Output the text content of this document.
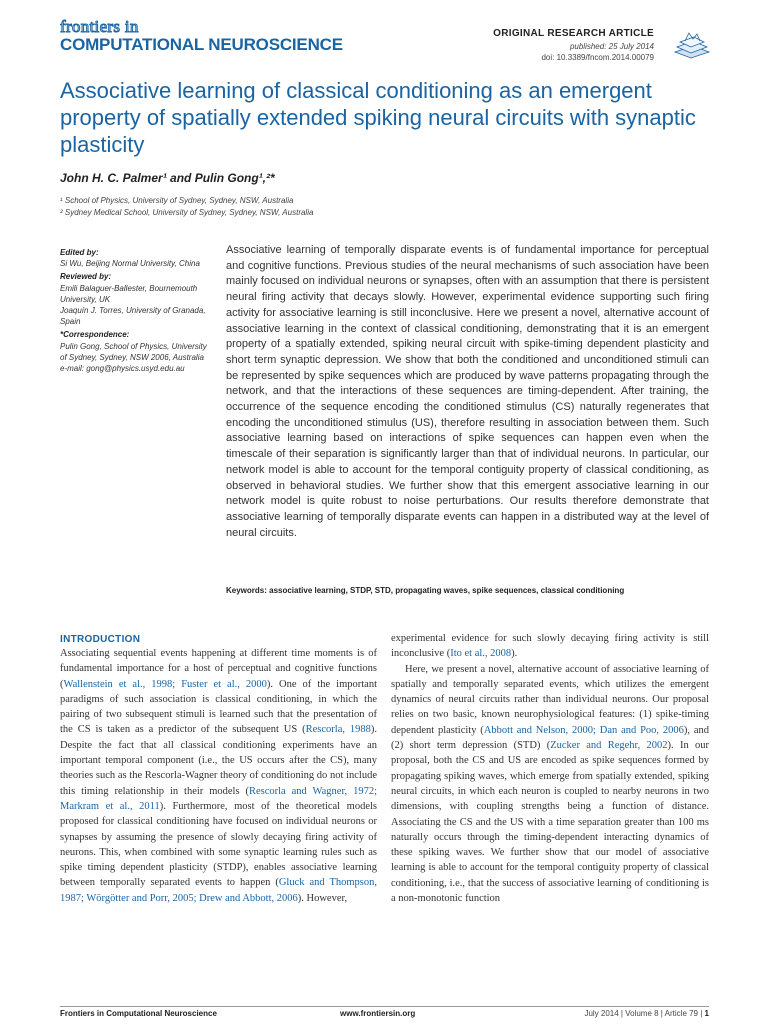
frontiers in
COMPUTATIONAL NEUROSCIENCE
ORIGINAL RESEARCH ARTICLE
published: 25 July 2014
doi: 10.3389/fncom.2014.00079
Associative learning of classical conditioning as an emergent property of spatially extended spiking neural circuits with synaptic plasticity
John H. C. Palmer¹ and Pulin Gong¹,²*
¹ School of Physics, University of Sydney, Sydney, NSW, Australia
² Sydney Medical School, University of Sydney, Sydney, NSW, Australia
Edited by:
Si Wu, Beijing Normal University, China
Reviewed by:
Emili Balaguer-Ballester, Bournemouth University, UK
Joaquín J. Torres, University of Granada, Spain
*Correspondence:
Pulin Gong, School of Physics, University of Sydney, Sydney, NSW 2006, Australia
e-mail: gong@physics.usyd.edu.au
Associative learning of temporally disparate events is of fundamental importance for perceptual and cognitive functions. Previous studies of the neural mechanisms of such association have been mainly focused on individual neurons or synapses, often with an assumption that there is persistent neural firing activity that decays slowly. However, experimental evidence supporting such firing activity for associative learning is still inconclusive. Here we present a novel, alternative account of associative learning in the context of classical conditioning, demonstrating that it is an emergent property of a spatially extended, spiking neural circuit with spike-timing dependent plasticity and short term synaptic depression. We show that both the conditioned and unconditioned stimuli can be represented by spike sequences which are produced by wave patterns propagating through the network, and that the interactions of these sequences are timing-dependent. After training, the occurrence of the sequence encoding the conditioned stimulus (CS) naturally regenerates that encoding the unconditioned stimulus (US), therefore resulting in association between them. Such associative learning based on interactions of spike sequences can happen even when the timescale of their separation is significantly larger than that of individual neurons. In particular, our network model is able to account for the temporal contiguity property of classical conditioning, as observed in behavioral studies. We further show that this emergent associative learning in our network model is quite robust to noise perturbations. Our results therefore demonstrate that associative learning of temporally disparate events can happen in a distributed way at the level of neural circuits.
Keywords: associative learning, STDP, STD, propagating waves, spike sequences, classical conditioning
INTRODUCTION

Associating sequential events happening at different time moments is of fundamental importance for a host of perceptual and cognitive functions (Wallenstein et al., 1998; Fuster et al., 2000). One of the important paradigms of such association is classical conditioning, in which the pairing of two subsequent stimuli is learned such that the presentation of the CS is taken as a predictor of the subsequent US (Rescorla, 1988). Despite the fact that all classical conditioning experiments have an important temporal component (i.e., the US occurs after the CS), many theories such as the Rescorla-Wagner theory of conditioning do not include this timing relationship in their models (Rescorla and Wagner, 1972; Markram et al., 2011). Furthermore, most of the theoretical models proposed for classical conditioning have focused on individual neurons or synapses by assuming the presence of slowly decaying firing activity of neurons. This, when combined with some synaptic learning rules such as spike timing dependent plasticity (STDP), enables associative learning between temporally separated events to happen (Gluck and Thompson, 1987; Wörgötter and Porr, 2005; Drew and Abbott, 2006). However,

experimental evidence for such slowly decaying firing activity is still inconclusive (Ito et al., 2008).

Here, we present a novel, alternative account of associative learning of spatially and temporally separated events, which utilizes the emergent dynamics of neural circuits rather than individual neurons. Our proposal relies on two basic, known neurophysiological features: (1) spike-timing dependent plasticity (Abbott and Nelson, 2000; Dan and Poo, 2006), and (2) short term depression (STD) (Zucker and Regehr, 2002). In our proposal, both the CS and US are encoded as spike sequences formed by propagating spiking waves, which emerge from spatially extended, spiking neural circuits, in which each neuron is coupled to nearby neurons in two dimensions, with coupling strengths being a function of distance. Associating the CS and the US with a time separation greater than 100 ms naturally occurs through the timing-dependent interacting dynamics of these spiking waves. We further show that our model of associative learning is able to account for the temporal contiguity property of classical conditioning, i.e., that the success of associative learning of conditioning is a non-monotonic function

Frontiers in Computational Neuroscience	www.frontiersin.org	July 2014 | Volume 8 | Article 79 | 1
